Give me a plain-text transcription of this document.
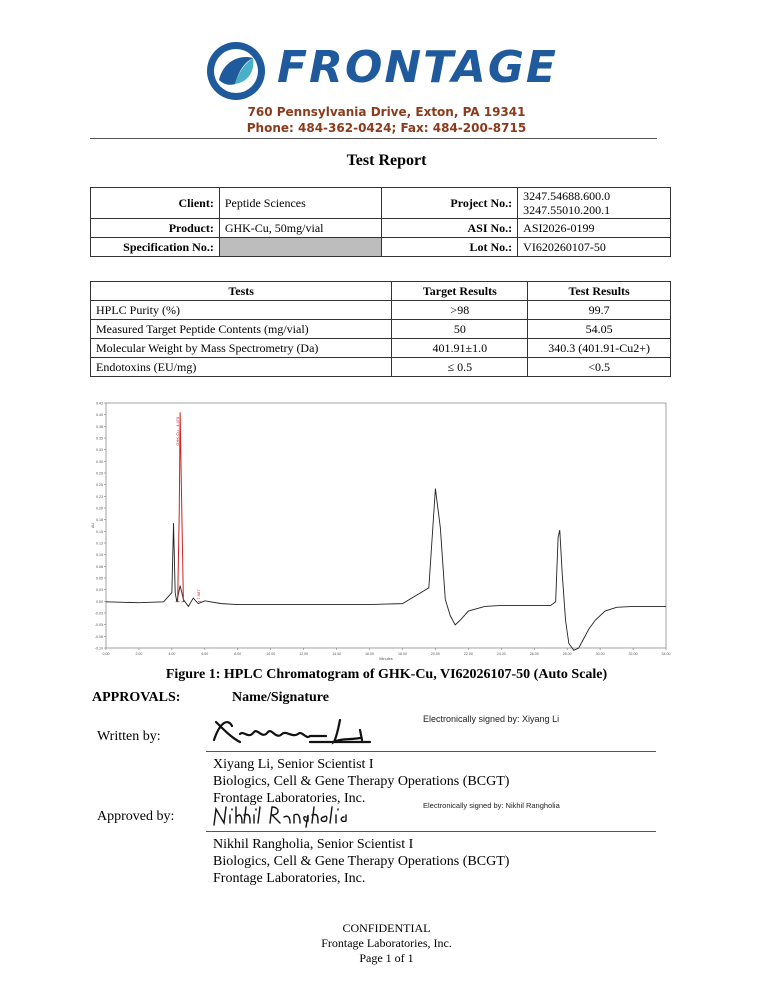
FRONTAGE
760 Pennsylvania Drive, Exton, PA 19341
Phone: 484-362-0424; Fax: 484-200-8715
Test Report
Client:	Peptide Sciences	Project No.:	3247.54688.600.0
3247.55010.200.1

Product:	GHK-Cu, 50mg/vial	ASI No.:	ASI2026-0199
Specification No.:		Lot No.:	VI620260107-50
Tests	Target Results	Test Results
HPLC Purity (%)	>98	99.7
Measured Target Peptide Contents (mg/vial)	50	54.05
Molecular Weight by Mass Spectrometry (Da)	401.91±1.0	340.3 (401.91-Cu2+)
Endotoxins (EU/mg)	≤ 0.5	<0.5
0.43
0.40
0.38
0.35
0.33
0.30
0.28
0.25
0.23
0.20
0.18
0.15
0.13
0.10
0.08
0.05
0.03
0.00
-0.03
-0.05
-0.08
-0.10
0.00	2.00	4.00	6.00	8.00	10.00	12.00	14.00	16.00	18.00	20.00	22.00	24.00	26.00	28.00	30.00	32.00	34.00
Minutes
AU
GHK-Cu - 4.470
7.987
Figure 1: HPLC Chromatogram of GHK-Cu, VI62026107-50 (Auto Scale)
APPROVALS:	Name/Signature
Written by:
Electronically signed by: Xiyang Li
Xiyang Li, Senior Scientist I
Biologics, Cell & Gene Therapy Operations (BCGT)
Frontage Laboratories, Inc.
Approved by:
Electronically signed by: Nikhil Rangholia
Nikhil Rangholia, Senior Scientist I
Biologics, Cell & Gene Therapy Operations (BCGT)
Frontage Laboratories, Inc.
CONFIDENTIAL
Frontage Laboratories, Inc.
Page 1 of 1
